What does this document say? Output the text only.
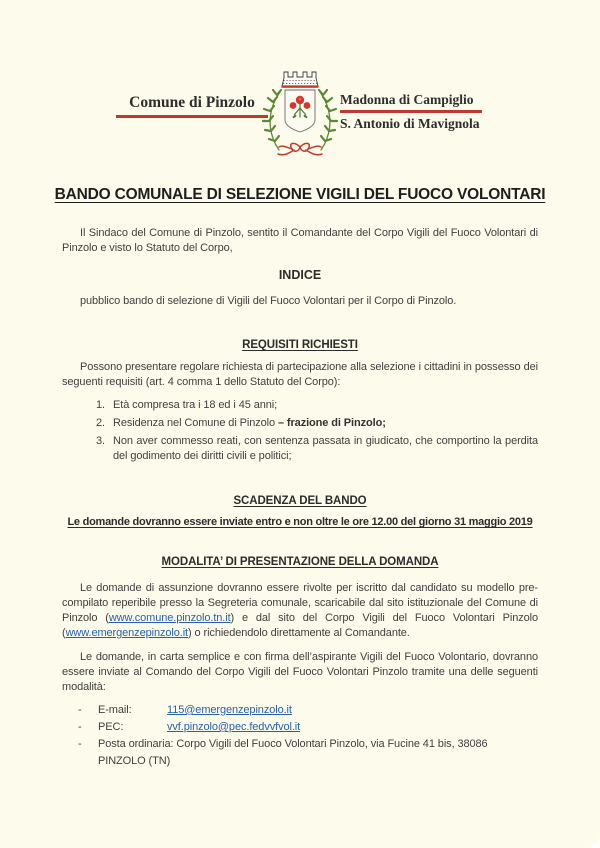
Comune di Pinzolo	Madonna di Campiglio
S. Antonio di Mavignola
BANDO COMUNALE DI SELEZIONE VIGILI DEL FUOCO VOLONTARI

Il Sindaco del Comune di Pinzolo, sentito il Comandante del Corpo Vigili del Fuoco Volontari di Pinzolo e visto lo Statuto del Corpo,

INDICE

pubblico bando di selezione di Vigili del Fuoco Volontari per il Corpo di Pinzolo.

REQUISITI RICHIESTI

Possono presentare regolare richiesta di partecipazione alla selezione i cittadini in possesso dei seguenti requisiti (art. 4 comma 1 dello Statuto del Corpo):

1. Età compresa tra i 18 ed i 45 anni;
2. Residenza nel Comune di Pinzolo – frazione di Pinzolo;
3. Non aver commesso reati, con sentenza passata in giudicato, che comportino la perdita del godimento dei diritti civili e politici;
SCADENZA DEL BANDO
Le domande dovranno essere inviate entro e non oltre le ore 12.00 del giorno 31 maggio 2019
MODALITA’ DI PRESENTAZIONE DELLA DOMANDA

Le domande di assunzione dovranno essere rivolte per iscritto dal candidato su modello pre-compilato reperibile presso la Segreteria comunale, scaricabile dal sito istituzionale del Comune di Pinzolo (www.comune.pinzolo.tn.it) e dal sito del Corpo Vigili del Fuoco Volontari Pinzolo (www.emergenzepinzolo.it) o richiedendolo direttamente al Comandante.

Le domande, in carta semplice e con firma dell’aspirante Vigili del Fuoco Volontario, dovranno essere inviate al Comando del Corpo Vigili del Fuoco Volontari Pinzolo tramite una delle seguenti modalità:

-	E-mail:	115@emergenzepinzolo.it
-	PEC:	vvf.pinzolo@pec.fedvvfvol.it
-	Posta ordinaria: Corpo Vigili del Fuoco Volontari Pinzolo, via Fucine 41 bis, 38086 PINZOLO (TN)
